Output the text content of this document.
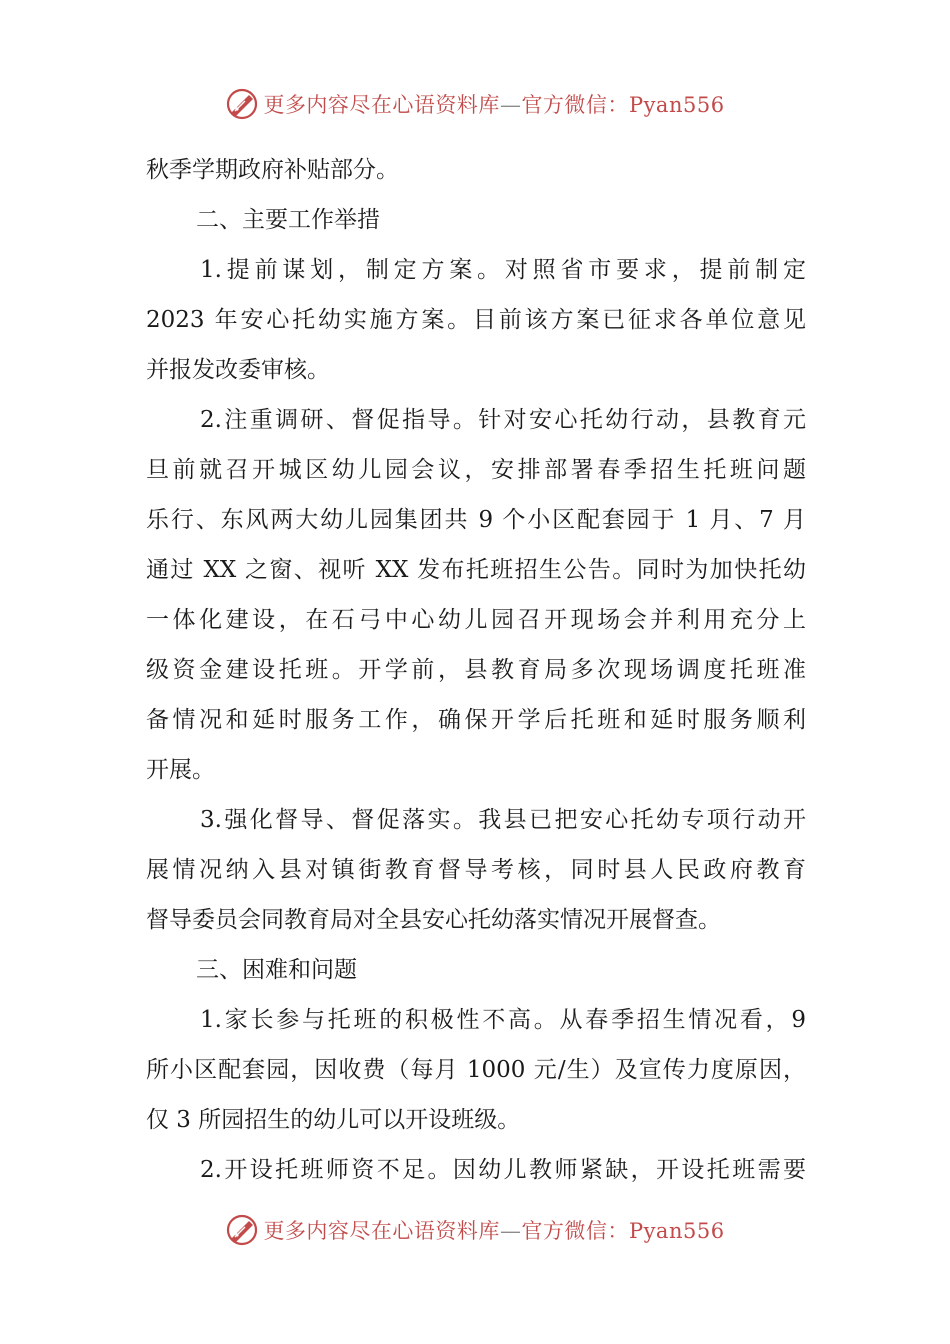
更多内容尽在心语资料库—官方微信：Pyan556
秋季学期政府补贴部分。
二、主要工作举措
1.提前谋划，制定方案。对照省市要求，提前制定
2023 年安心托幼实施方案。目前该方案已征求各单位意见
并报发改委审核。
2.注重调研、督促指导。针对安心托幼行动，县教育元
旦前就召开城区幼儿园会议，安排部署春季招生托班问题
乐行、东风两大幼儿园集团共 9 个小区配套园于 1 月、7 月
通过 XX 之窗、视听 XX 发布托班招生公告。同时为加快托幼
一体化建设，在石弓中心幼儿园召开现场会并利用充分上
级资金建设托班。开学前，县教育局多次现场调度托班准
备情况和延时服务工作，确保开学后托班和延时服务顺利
开展。
3.强化督导、督促落实。我县已把安心托幼专项行动开
展情况纳入县对镇街教育督导考核，同时县人民政府教育
督导委员会同教育局对全县安心托幼落实情况开展督查。
三、困难和问题
1.家长参与托班的积极性不高。从春季招生情况看，9
所小区配套园，因收费（每月 1000 元/生）及宣传力度原因，
仅 3 所园招生的幼儿可以开设班级。
2.开设托班师资不足。因幼儿教师紧缺，开设托班需要
更多内容尽在心语资料库—官方微信：Pyan556
